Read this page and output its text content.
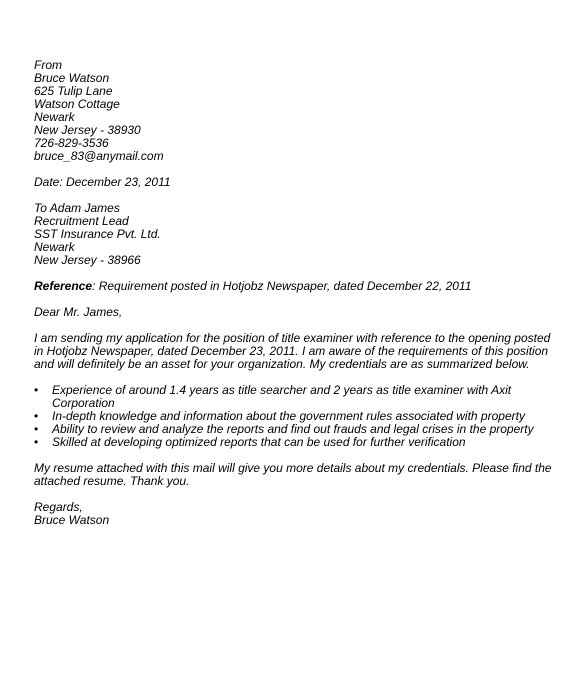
From
Bruce Watson
625 Tulip Lane
Watson Cottage
Newark
New Jersey - 38930
726-829-3536
bruce_83@anymail.com
Date: December 23, 2011
To Adam James
Recruitment Lead
SST Insurance Pvt. Ltd.
Newark
New Jersey - 38966
Reference: Requirement posted in Hotjobz Newspaper, dated December 22, 2011
Dear Mr. James,
I am sending my application for the position of title examiner with reference to the opening posted
in Hotjobz Newspaper, dated December 23, 2011. I am aware of the requirements of this position
and will definitely be an asset for your organization. My credentials are as summarized below.
• Experience of around 1.4 years as title searcher and 2 years as title examiner with Axit
Corporation
• In-depth knowledge and information about the government rules associated with property
• Ability to review and analyze the reports and find out frauds and legal crises in the property
• Skilled at developing optimized reports that can be used for further verification
My resume attached with this mail will give you more details about my credentials. Please find the
attached resume. Thank you.
Regards,
Bruce Watson
